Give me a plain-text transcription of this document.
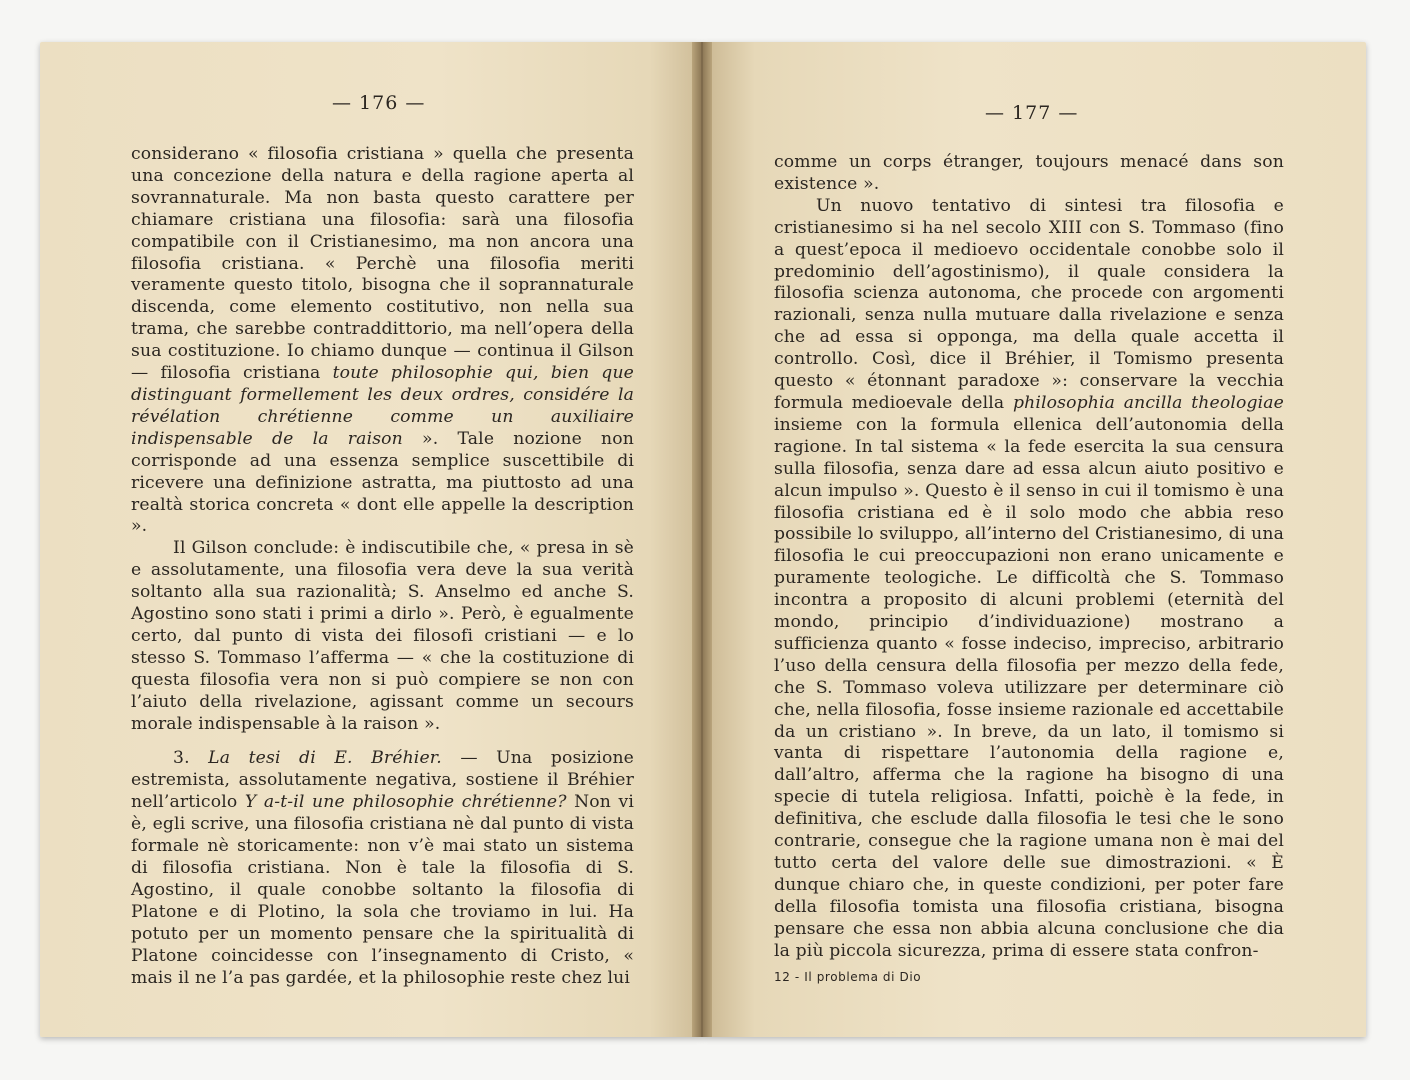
— 176 —

considerano « filosofia cristiana » quella che presenta una concezione della natura e della ragione aperta al sovrannaturale. Ma non basta questo carattere per chiamare cristiana una filosofia: sarà una filosofia compatibile con il Cristianesimo, ma non ancora una filosofia cristiana. « Perchè una filosofia meriti veramente questo titolo, bisogna che il soprannaturale discenda, come elemento costitutivo, non nella sua trama, che sarebbe contraddittorio, ma nell’opera della sua costituzione. Io chiamo dunque — continua il Gilson — filosofia cristiana toute philosophie qui, bien que distinguant formellement les deux ordres, considére la révélation chrétienne comme un auxiliaire indispensable de la raison ». Tale nozione non corrisponde ad una essenza semplice suscettibile di ricevere una definizione astratta, ma piuttosto ad una realtà storica concreta « dont elle appelle la description ».

Il Gilson conclude: è indiscutibile che, « presa in sè e assolutamente, una filosofia vera deve la sua verità soltanto alla sua razionalità; S. Anselmo ed anche S. Agostino sono stati i primi a dirlo ». Però, è egualmente certo, dal punto di vista dei filosofi cristiani — e lo stesso S. Tommaso l’afferma — « che la costituzione di questa filosofia vera non si può compiere se non con l’aiuto della rivelazione, agissant comme un secours morale indispensable à la raison ».

3. La tesi di E. Bréhier. — Una posizione estremista, assolutamente negativa, sostiene il Bréhier nell’articolo Y a-t-il une philosophie chrétienne? Non vi è, egli scrive, una filosofia cristiana nè dal punto di vista formale nè storicamente: non v’è mai stato un sistema di filosofia cristiana. Non è tale la filosofia di S. Agostino, il quale conobbe soltanto la filosofia di Platone e di Plotino, la sola che troviamo in lui. Ha potuto per un momento pensare che la spiritualità di Platone coincidesse con l’insegnamento di Cristo, « mais il ne l’a pas gardée, et la philosophie reste chez lui

— 177 —

comme un corps étranger, toujours menacé dans son existence ».

Un nuovo tentativo di sintesi tra filosofia e cristianesimo si ha nel secolo XIII con S. Tommaso (fino a quest’epoca il medioevo occidentale conobbe solo il predominio dell’agostinismo), il quale considera la filosofia scienza autonoma, che procede con argomenti razionali, senza nulla mutuare dalla rivelazione e senza che ad essa si opponga, ma della quale accetta il controllo. Così, dice il Bréhier, il Tomismo presenta questo « étonnant paradoxe »: conservare la vecchia formula medioevale della philosophia ancilla theologiae insieme con la formula ellenica dell’autonomia della ragione. In tal sistema « la fede esercita la sua censura sulla filosofia, senza dare ad essa alcun aiuto positivo e alcun impulso ». Questo è il senso in cui il tomismo è una filosofia cristiana ed è il solo modo che abbia reso possibile lo sviluppo, all’interno del Cristianesimo, di una filosofia le cui preoccupazioni non erano unicamente e puramente teologiche. Le difficoltà che S. Tommaso incontra a proposito di alcuni problemi (eternità del mondo, principio d’individuazione) mostrano a sufficienza quanto « fosse indeciso, impreciso, arbitrario l’uso della censura della filosofia per mezzo della fede, che S. Tommaso voleva utilizzare per determinare ciò che, nella filosofia, fosse insieme razionale ed accettabile da un cristiano ». In breve, da un lato, il tomismo si vanta di rispettare l’autonomia della ragione e, dall’altro, afferma che la ragione ha bisogno di una specie di tutela religiosa. Infatti, poichè è la fede, in definitiva, che esclude dalla filosofia le tesi che le sono contrarie, consegue che la ragione umana non è mai del tutto certa del valore delle sue dimostrazioni. « È dunque chiaro che, in queste condizioni, per poter fare della filosofia tomista una filosofia cristiana, bisogna pensare che essa non abbia alcuna conclusione che dia la più piccola sicurezza, prima di essere stata confron-

12 - Il problema di Dio
